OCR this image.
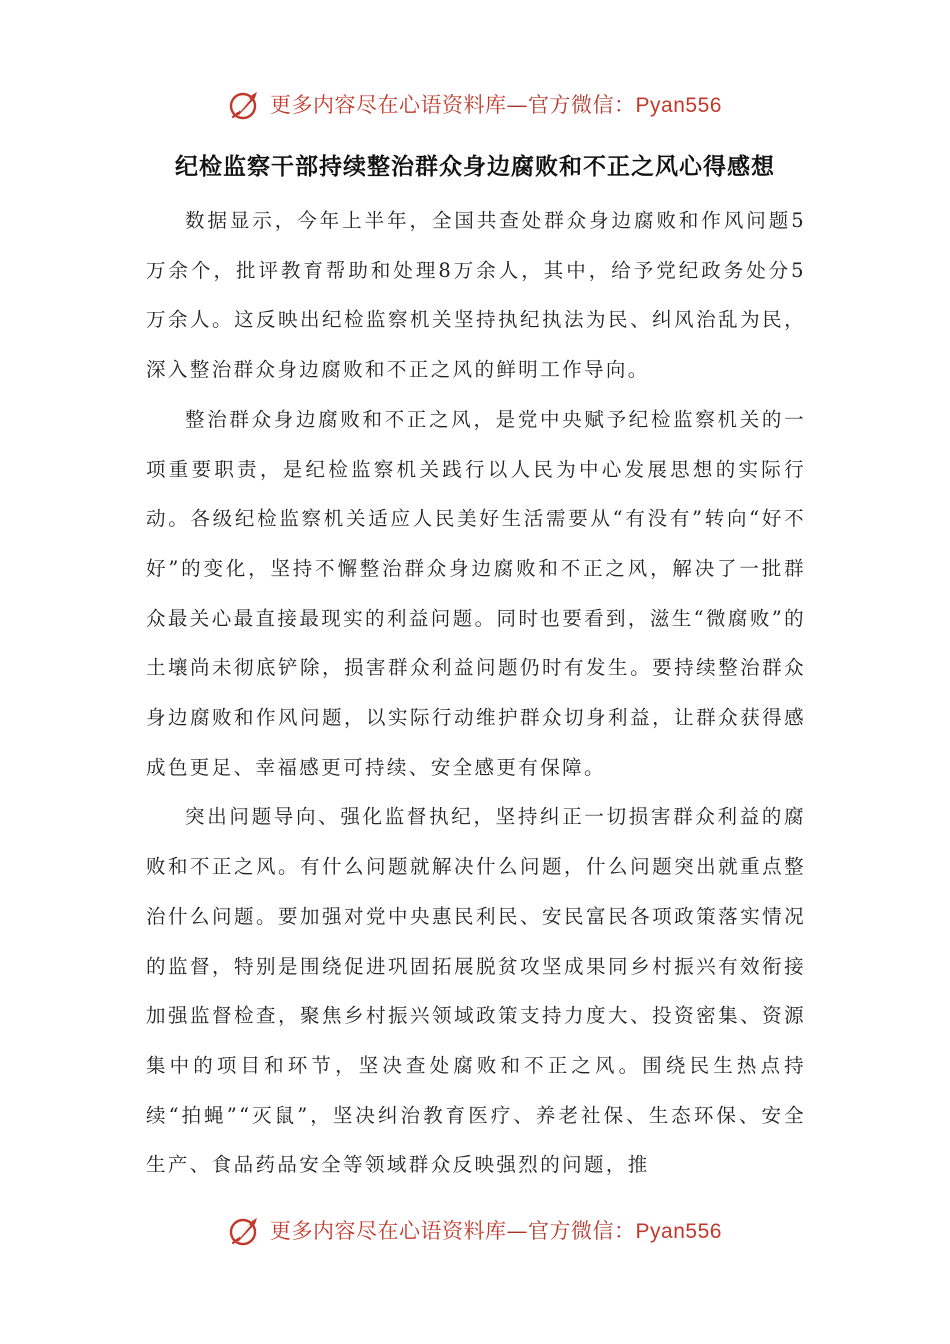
更多内容尽在心语资料库—官方微信：Pyan556
纪检监察干部持续整治群众身边腐败和不正之风心得感想

数据显示，今年上半年，全国共查处群众身边腐败和作风问题5万余个，批评教育帮助和处理8万余人，其中，给予党纪政务处分5万余人。这反映出纪检监察机关坚持执纪执法为民、纠风治乱为民，深入整治群众身边腐败和不正之风的鲜明工作导向。

整治群众身边腐败和不正之风，是党中央赋予纪检监察机关的一项重要职责，是纪检监察机关践行以人民为中心发展思想的实际行动。各级纪检监察机关适应人民美好生活需要从“有没有”转向“好不好”的变化，坚持不懈整治群众身边腐败和不正之风，解决了一批群众最关心最直接最现实的利益问题。同时也要看到，滋生“微腐败”的土壤尚未彻底铲除，损害群众利益问题仍时有发生。要持续整治群众身边腐败和作风问题，以实际行动维护群众切身利益，让群众获得感成色更足、幸福感更可持续、安全感更有保障。

突出问题导向、强化监督执纪，坚持纠正一切损害群众利益的腐败和不正之风。有什么问题就解决什么问题，什么问题突出就重点整治什么问题。要加强对党中央惠民利民、安民富民各项政策落实情况的监督，特别是围绕促进巩固拓展脱贫攻坚成果同乡村振兴有效衔接加强监督检查，聚焦乡村振兴领域政策支持力度大、投资密集、资源集中的项目和环节，坚决查处腐败和不正之风。围绕民生热点持续“拍蝇”“灭鼠”，坚决纠治教育医疗、养老社保、生态环保、安全生产、食品药品安全等领域群众反映强烈的问题，推

更多内容尽在心语资料库—官方微信：Pyan556
